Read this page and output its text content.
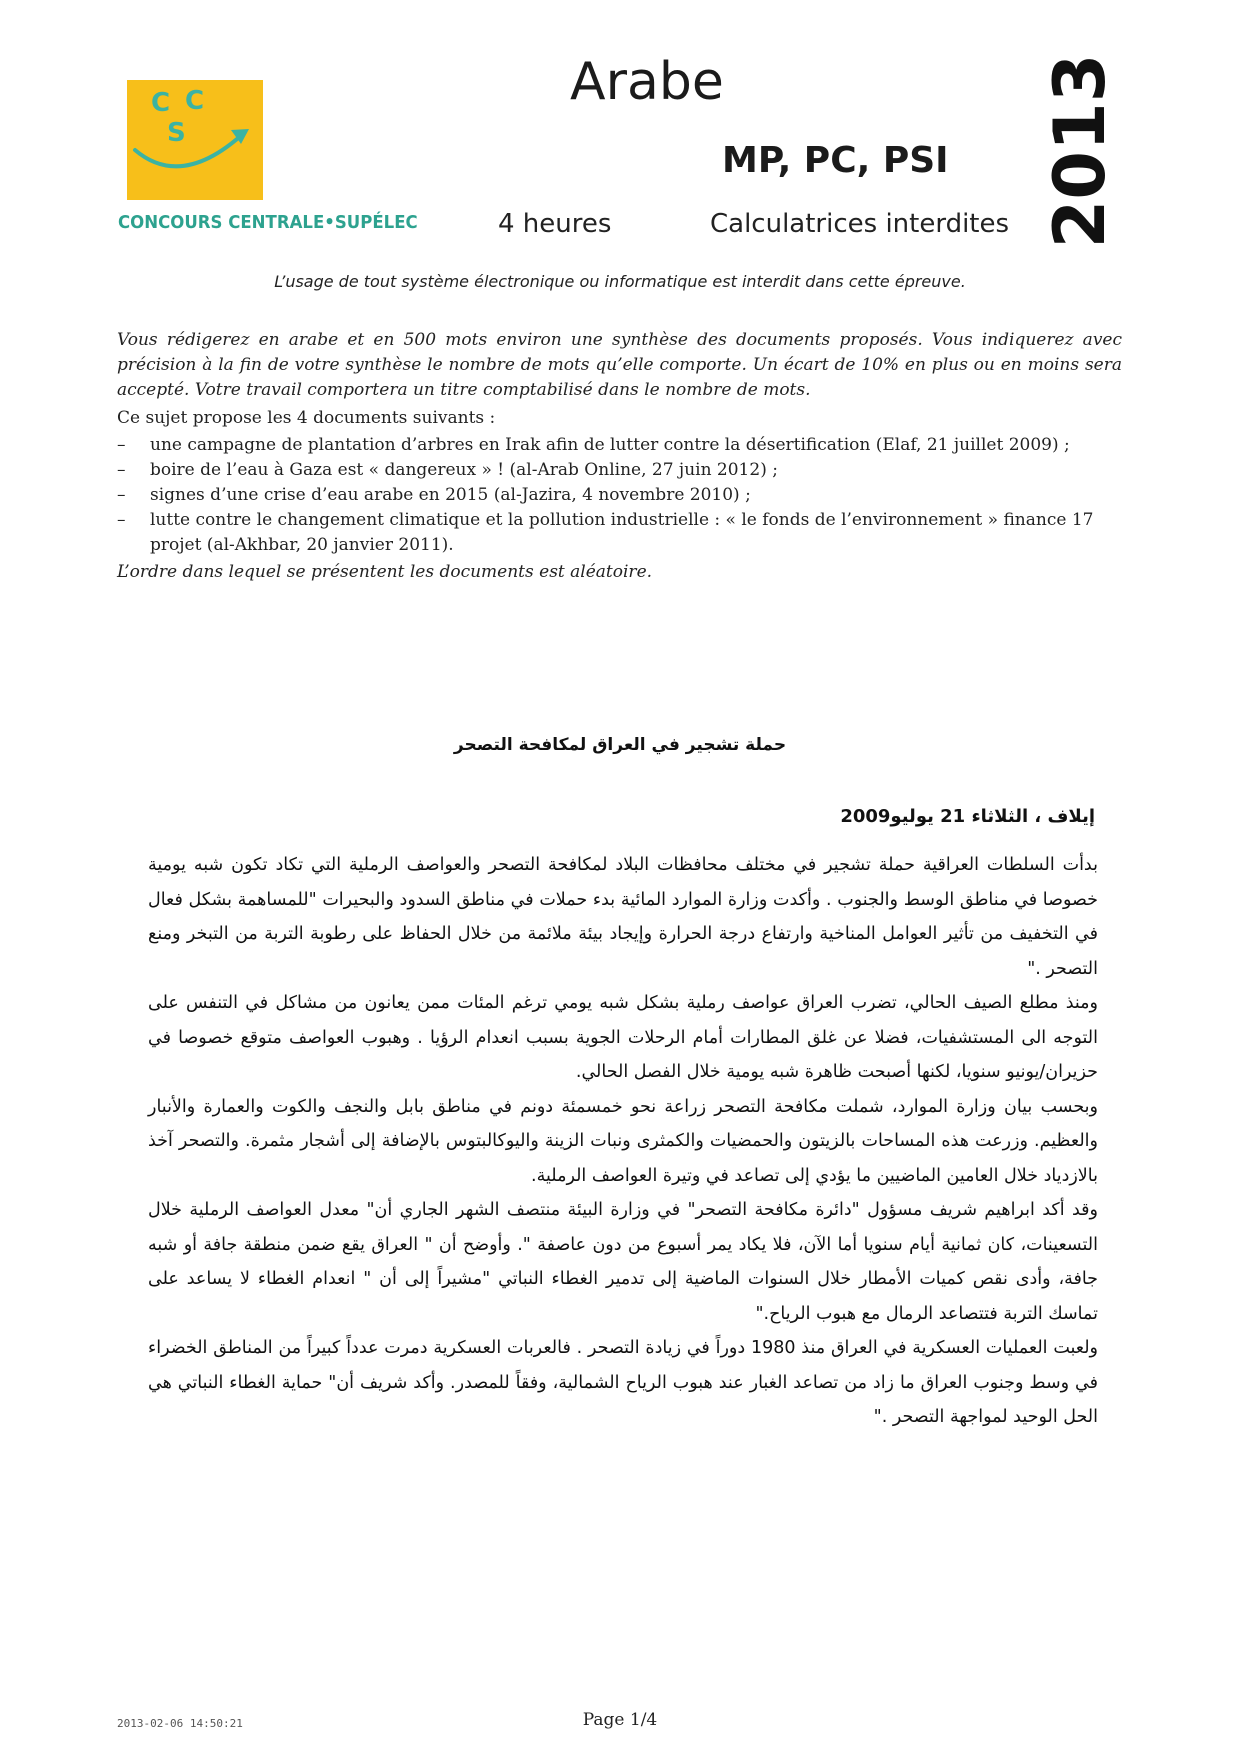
C C
S
CONCOURS CENTRALE•SUPÉLEC
Arabe
MP, PC, PSI
4 heures	Calculatrices interdites 2013
L’usage de tout système électronique ou informatique est interdit dans cette épreuve.
Vous rédigerez en arabe et en 500 mots environ une synthèse des documents proposés. Vous indiquerez avec précision à la fin de votre synthèse le nombre de mots qu’elle comporte. Un écart de 10% en plus ou en moins sera accepté. Votre travail comportera un titre comptabilisé dans le nombre de mots.
Ce sujet propose les 4 documents suivants :
– une campagne de plantation d’arbres en Irak afin de lutter contre la désertification (Elaf, 21 juillet 2009) ;
– boire de l’eau à Gaza est « dangereux » ! (al-Arab Online, 27 juin 2012) ;
– signes d’une crise d’eau arabe en 2015 (al-Jazira, 4 novembre 2010) ;
– lutte contre le changement climatique et la pollution industrielle : « le fonds de l’environnement » finance 17 projet (al-Akhbar, 20 janvier 2011).
L’ordre dans lequel se présentent les documents est aléatoire.
حملة تشجير في العراق لمكافحة التصحر
إيلاف ، الثلاثاء 21 يوليو2009

بدأت السلطات العراقية حملة تشجير في مختلف محافظات البلاد لمكافحة التصحر والعواصف الرملية التي تكاد تكون شبه يومية خصوصا في مناطق الوسط والجنوب . وأكدت وزارة الموارد المائية بدء حملات في مناطق السدود والبحيرات "للمساهمة بشكل فعال في التخفيف من تأثير العوامل المناخية وارتفاع درجة الحرارة وإيجاد بيئة ملائمة من خلال الحفاظ على رطوبة التربة من التبخر ومنع التصحر ."

ومنذ مطلع الصيف الحالي، تضرب العراق عواصف رملية بشكل شبه يومي ترغم المئات ممن يعانون من مشاكل في التنفس على التوجه الى المستشفيات، فضلا عن غلق المطارات أمام الرحلات الجوية بسبب انعدام الرؤيا . وهبوب العواصف متوقع خصوصا في حزيران/يونيو سنويا، لكنها أصبحت ظاهرة شبه يومية خلال الفصل الحالي.

وبحسب بيان وزارة الموارد، شملت مكافحة التصحر زراعة نحو خمسمئة دونم في مناطق بابل والنجف والكوت والعمارة والأنبار والعظيم. وزرعت هذه المساحات بالزيتون والحمضيات والكمثرى ونبات الزينة واليوكالبتوس بالإضافة إلى أشجار مثمرة. والتصحر آخذ بالازدياد خلال العامين الماضيين ما يؤدي إلى تصاعد في وتيرة العواصف الرملية.

وقد أكد ابراهيم شريف مسؤول "دائرة مكافحة التصحر" في وزارة البيئة منتصف الشهر الجاري أن" معدل العواصف الرملية خلال التسعينات، كان ثمانية أيام سنويا أما الآن، فلا يكاد يمر أسبوع من دون عاصفة ". وأوضح أن " العراق يقع ضمن منطقة جافة أو شبه جافة، وأدى نقص كميات الأمطار خلال السنوات الماضية إلى تدمير الغطاء النباتي "مشيراً إلى أن " انعدام الغطاء لا يساعد على تماسك التربة فتتصاعد الرمال مع هبوب الرياح."

ولعبت العمليات العسكرية في العراق منذ 1980 دوراً في زيادة التصحر . فالعربات العسكرية دمرت عدداً كبيراً من المناطق الخضراء في وسط وجنوب العراق ما زاد من تصاعد الغبار عند هبوب الرياح الشمالية، وفقاً للمصدر. وأكد شريف أن" حماية الغطاء النباتي هي الحل الوحيد لمواجهة التصحر ."

2013-02-06 14:50:21	Page 1/4
